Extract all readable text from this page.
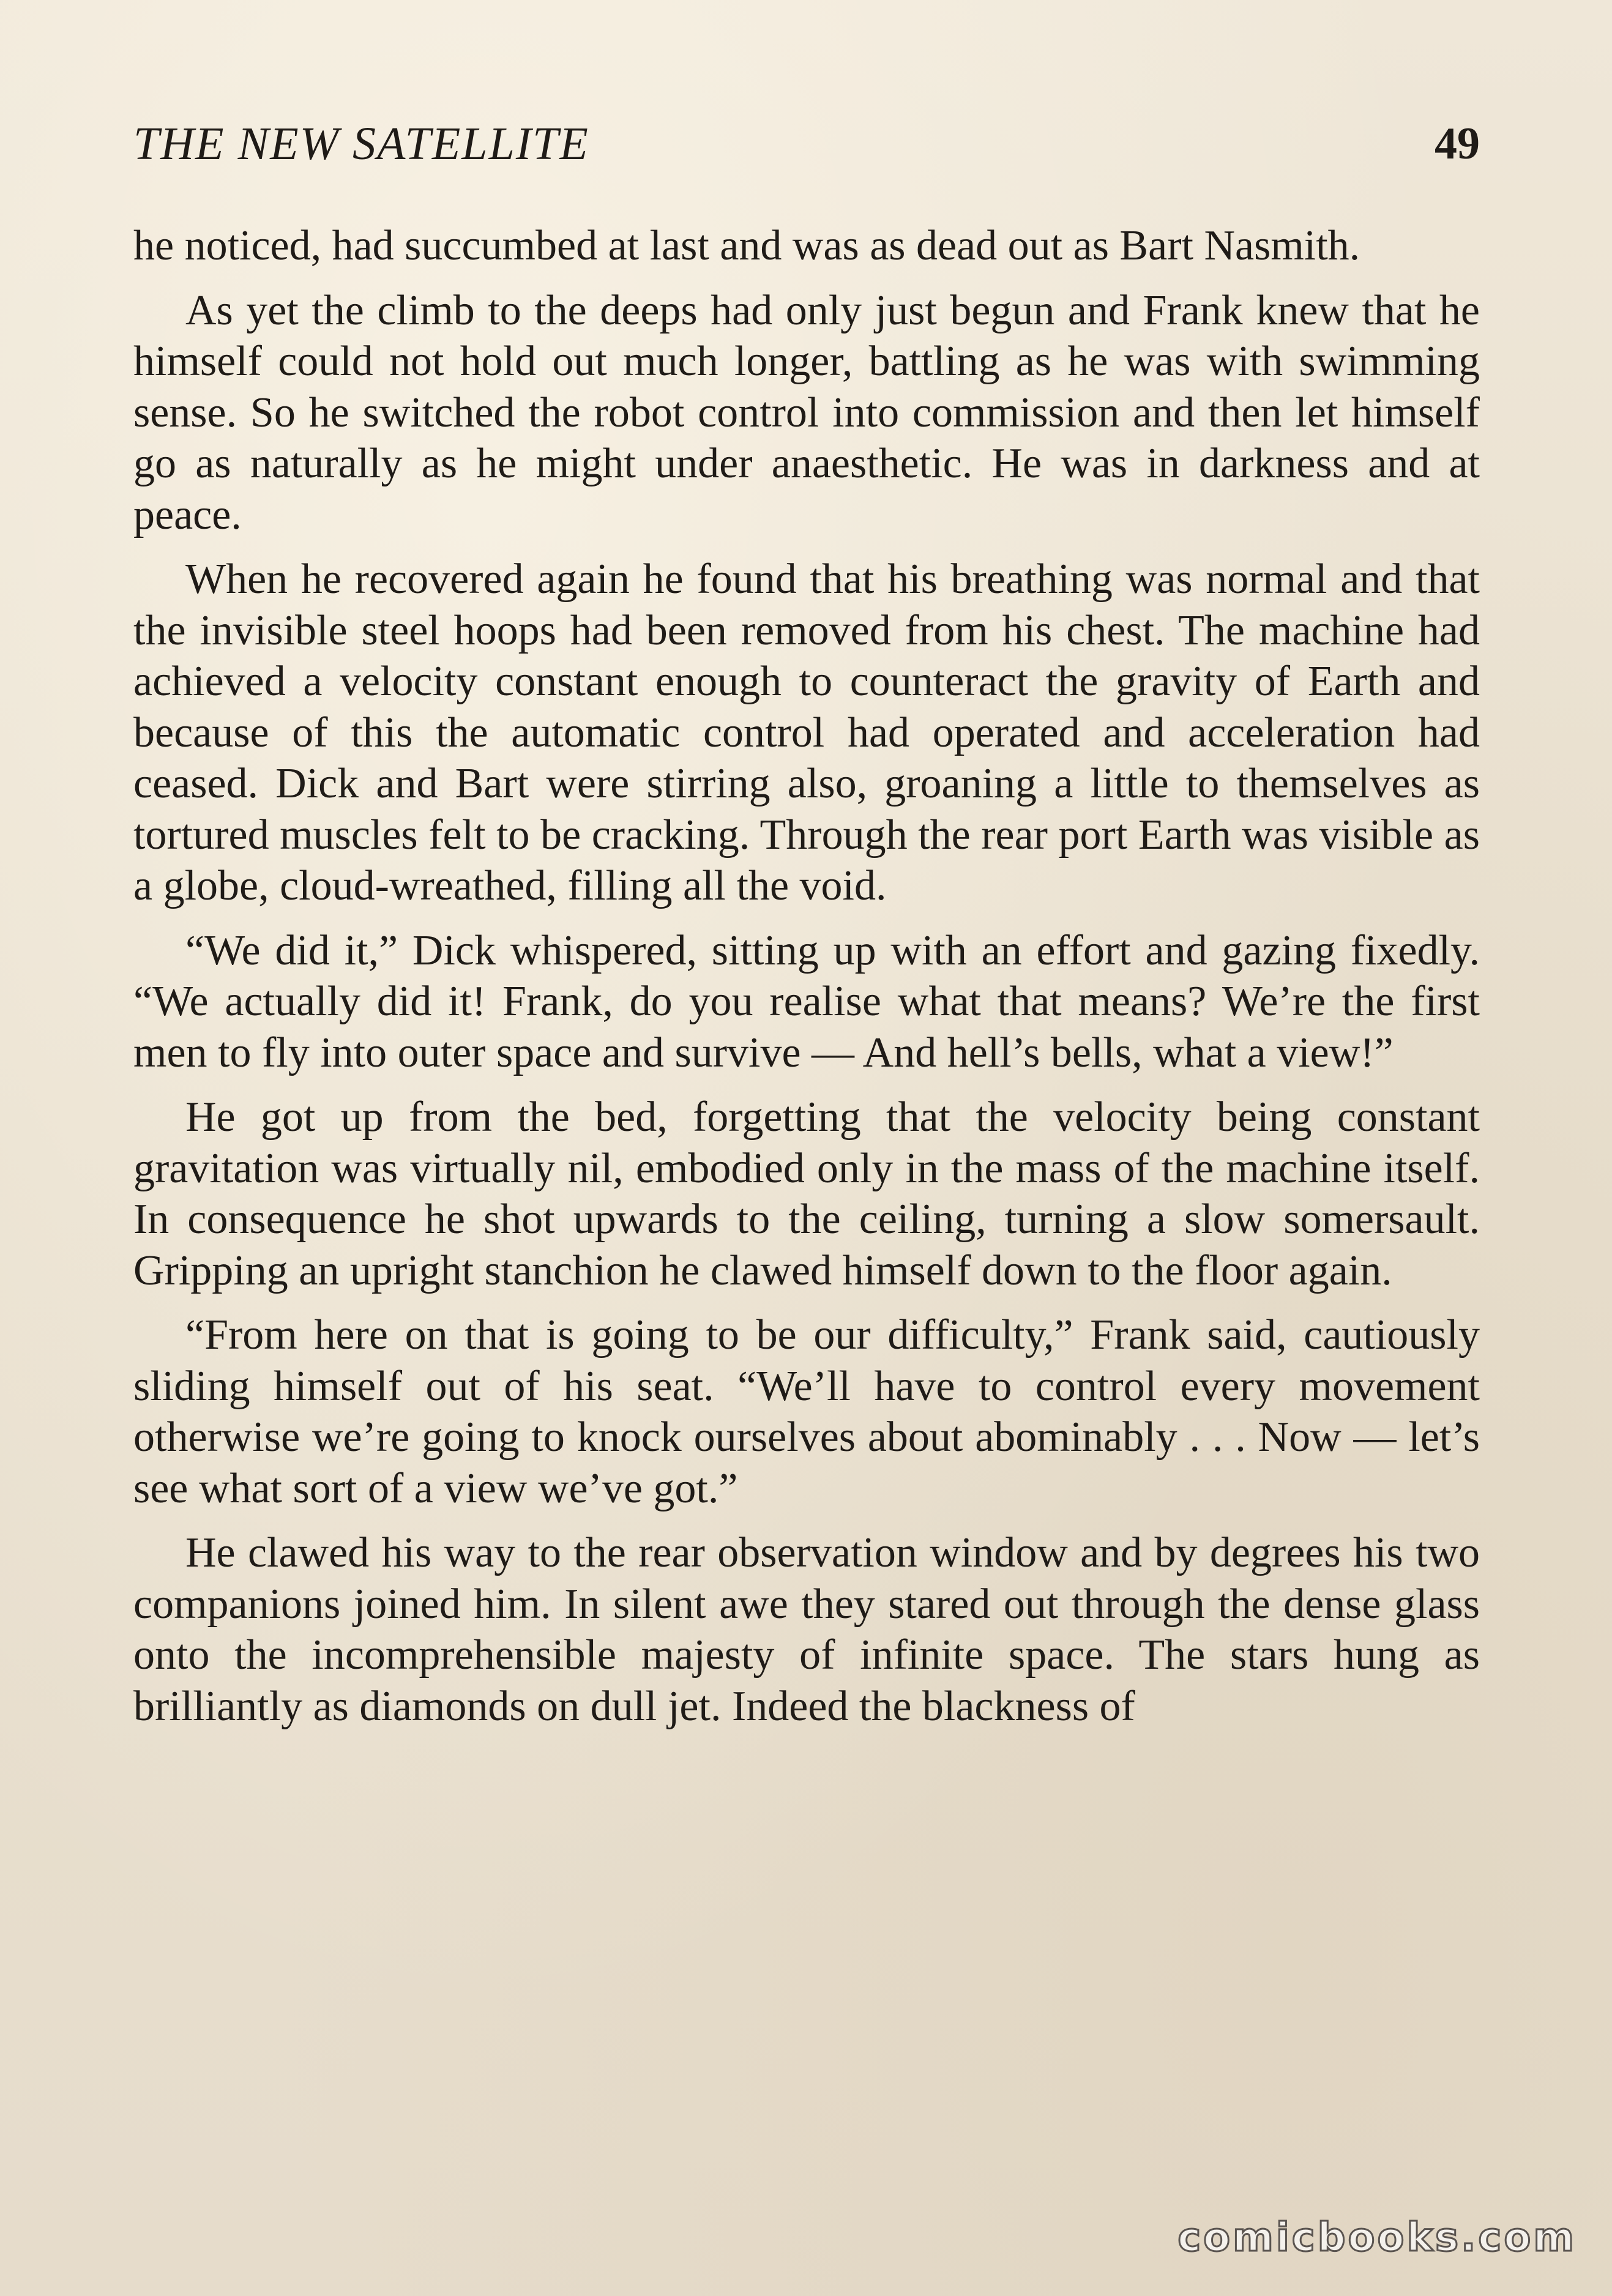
THE NEW SATELLITE	49

he noticed, had succumbed at last and was as dead out as Bart Nasmith.

As yet the climb to the deeps had only just begun and Frank knew that he himself could not hold out much longer, battling as he was with swimming sense. So he switched the robot control into commission and then let himself go as naturally as he might under anaesthetic. He was in darkness and at peace.

When he recovered again he found that his breathing was normal and that the invisible steel hoops had been removed from his chest. The machine had achieved a velocity constant enough to counteract the gravity of Earth and because of this the automatic control had operated and acceleration had ceased. Dick and Bart were stirring also, groaning a little to themselves as tortured muscles felt to be cracking. Through the rear port Earth was visible as a globe, cloud-wreathed, filling all the void.

“We did it,” Dick whispered, sitting up with an effort and gazing fixedly. “We actually did it! Frank, do you realise what that means? We’re the first men to fly into outer space and survive — And hell’s bells, what a view!”

He got up from the bed, forgetting that the velocity being constant gravitation was virtually nil, embodied only in the mass of the machine itself. In consequence he shot upwards to the ceiling, turning a slow somersault. Gripping an upright stanchion he clawed himself down to the floor again.

“From here on that is going to be our difficulty,” Frank said, cautiously sliding himself out of his seat. “We’ll have to control every movement otherwise we’re going to knock ourselves about abominably . . . Now — let’s see what sort of a view we’ve got.”

He clawed his way to the rear observation window and by degrees his two companions joined him. In silent awe they stared out through the dense glass onto the incomprehensible majesty of infinite space. The stars hung as brilliantly as diamonds on dull jet. Indeed the blackness of

comicbooks.com
